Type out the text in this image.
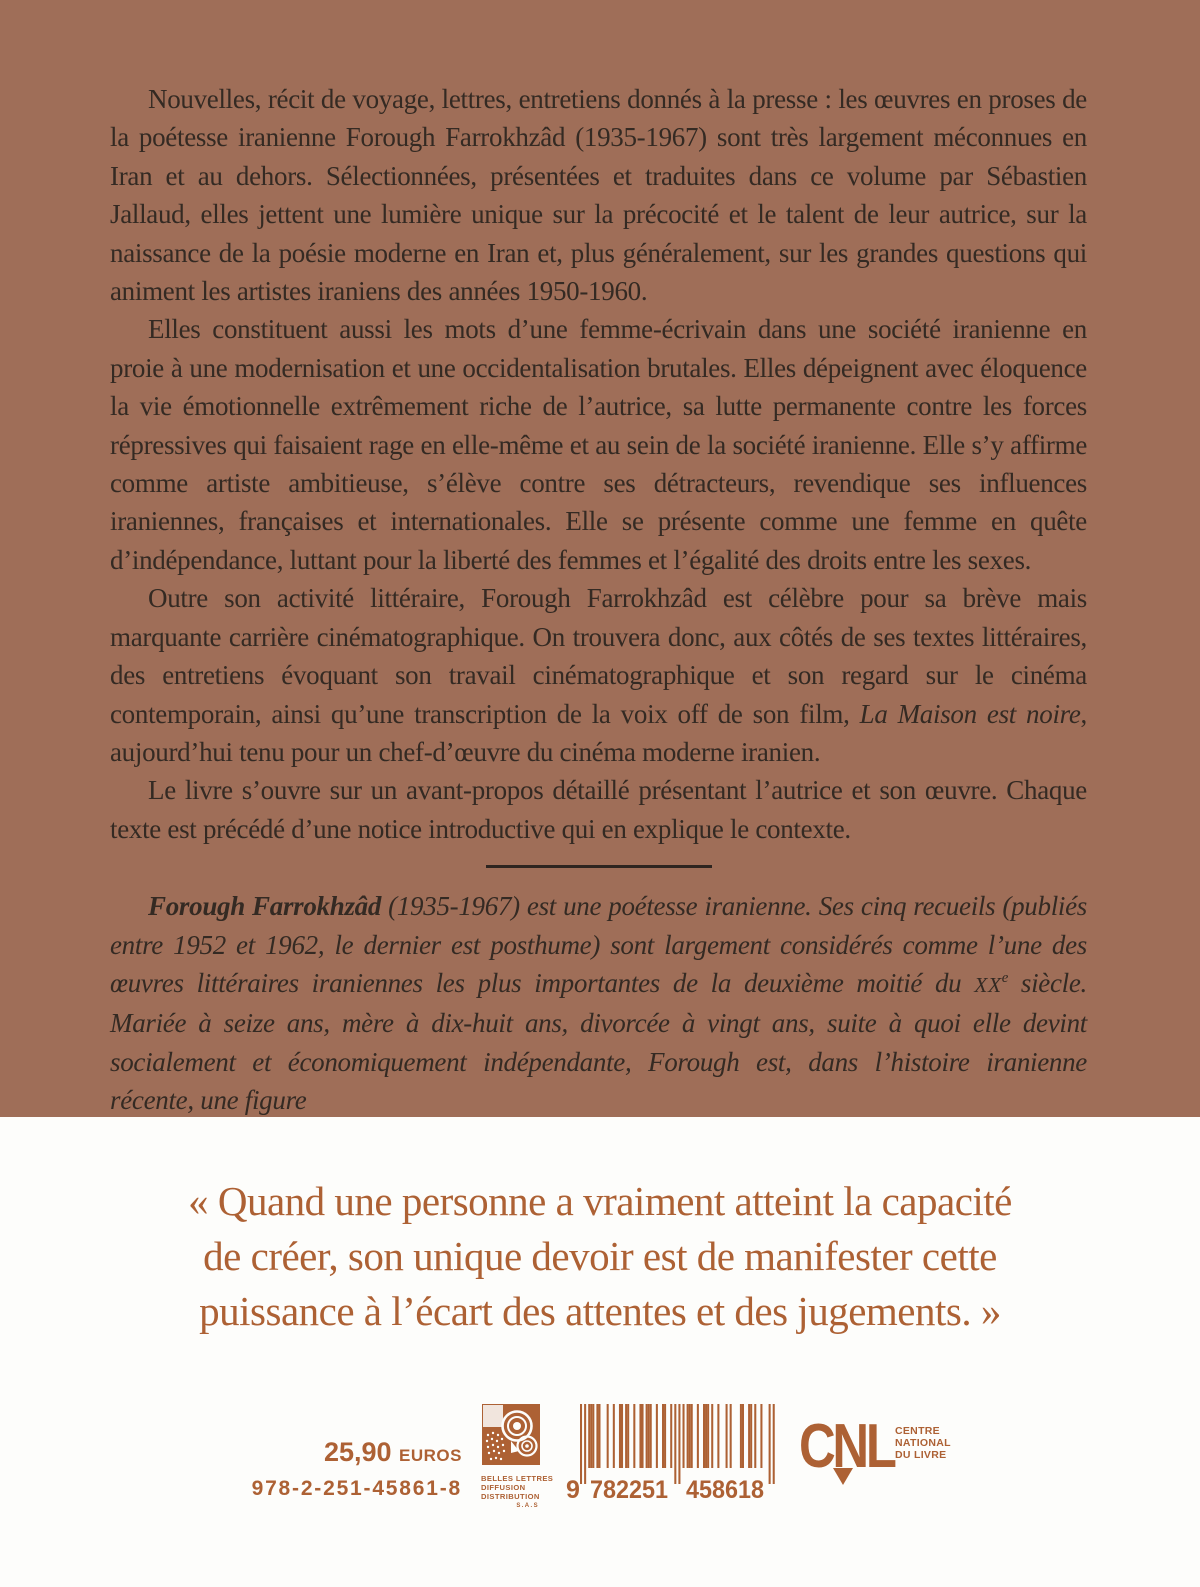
Nouvelles, récit de voyage, lettres, entretiens donnés à la presse : les œuvres en proses de la poétesse iranienne Forough Farrokhzâd (1935-1967) sont très largement méconnues en Iran et au dehors. Sélectionnées, présentées et traduites dans ce volume par Sébastien Jallaud, elles jettent une lumière unique sur la précocité et le talent de leur autrice, sur la naissance de la poésie moderne en Iran et, plus généralement, sur les grandes questions qui animent les artistes iraniens des années 1950-1960.

Elles constituent aussi les mots d’une femme-écrivain dans une société iranienne en proie à une modernisation et une occidentalisation brutales. Elles dépeignent avec éloquence la vie émotionnelle extrêmement riche de l’autrice, sa lutte permanente contre les forces répressives qui faisaient rage en elle-même et au sein de la société iranienne. Elle s’y affirme comme artiste ambitieuse, s’élève contre ses détracteurs, revendique ses influences iraniennes, françaises et internationales. Elle se présente comme une femme en quête d’indépendance, luttant pour la liberté des femmes et l’égalité des droits entre les sexes.

Outre son activité littéraire, Forough Farrokhzâd est célèbre pour sa brève mais marquante carrière cinématographique. On trouvera donc, aux côtés de ses textes littéraires, des entretiens évoquant son travail cinématographique et son regard sur le cinéma contemporain, ainsi qu’une transcription de la voix off de son film, La Maison est noire, aujourd’hui tenu pour un chef-d’œuvre du cinéma moderne iranien.

Le livre s’ouvre sur un avant-propos détaillé présentant l’autrice et son œuvre. Chaque texte est précédé d’une notice introductive qui en explique le contexte.

Forough Farrokhzâd (1935-1967) est une poétesse iranienne. Ses cinq recueils (publiés entre 1952 et 1962, le dernier est posthume) sont largement considérés comme l’une des œuvres littéraires iraniennes les plus importantes de la deuxième moitié du XXe siècle. Mariée à seize ans, mère à dix-huit ans, divorcée à vingt ans, suite à quoi elle devint socialement et économiquement indépendante, Forough est, dans l’histoire iranienne récente, une figure

« Quand une personne a vraiment atteint la capacité
de créer, son unique devoir est de manifester cette
puissance à l’écart des attentes et des jugements. »
25,90 EUROS
978-2-251-45861-8	BELLES LETTRES
DIFFUSION
DISTRIBUTION
S.A.S
9 782251 458618
CNL CENTRE
NATIONAL
DU LIVRE
